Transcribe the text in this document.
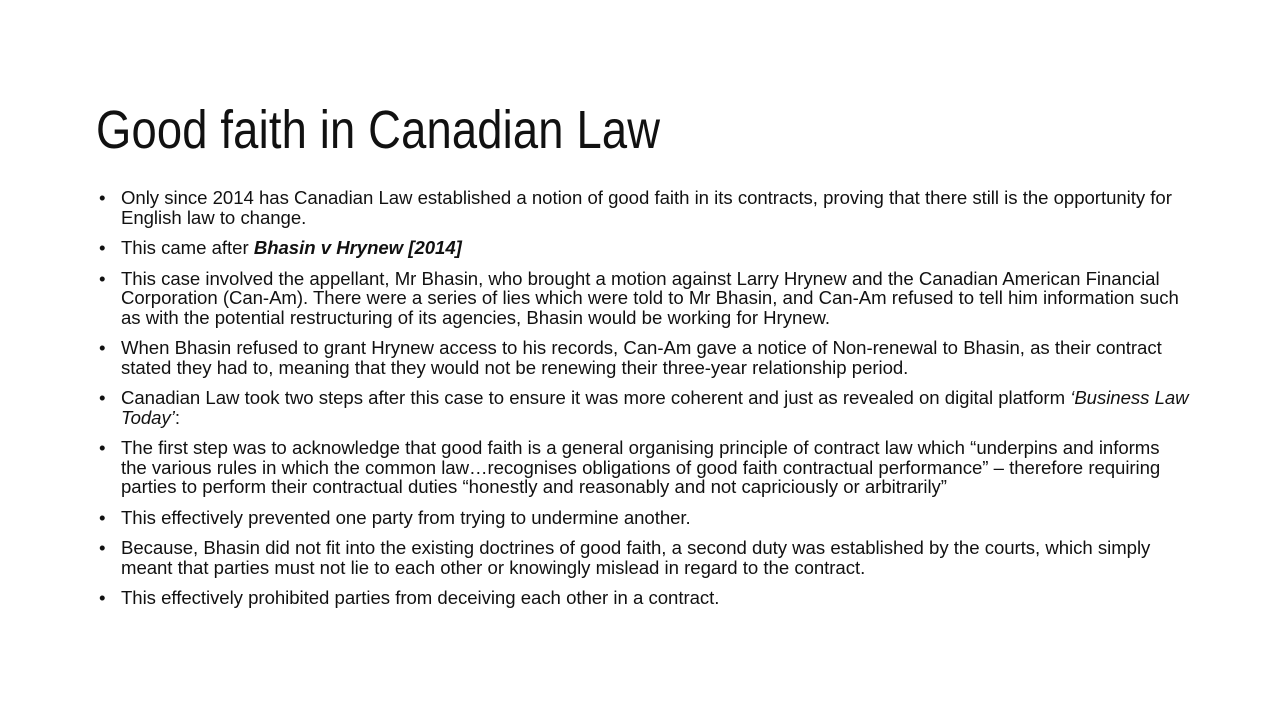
Good faith in Canadian Law
• Only since 2014 has Canadian Law established a notion of good faith in its contracts, proving that there still is the opportunity for English law to change.
• This came after Bhasin v Hrynew [2014]
• This case involved the appellant, Mr Bhasin, who brought a motion against Larry Hrynew and the Canadian American Financial Corporation (Can-Am). There were a series of lies which were told to Mr Bhasin, and Can-Am refused to tell him information such as with the potential restructuring of its agencies, Bhasin would be working for Hrynew.
• When Bhasin refused to grant Hrynew access to his records, Can-Am gave a notice of Non-renewal to Bhasin, as their contract stated they had to, meaning that they would not be renewing their three-year relationship period.
• Canadian Law took two steps after this case to ensure it was more coherent and just as revealed on digital platform ‘Business Law Today’:
• The first step was to acknowledge that good faith is a general organising principle of contract law which “underpins and informs the various rules in which the common law…recognises obligations of good faith contractual performance” – therefore requiring parties to perform their contractual duties “honestly and reasonably and not capriciously or arbitrarily”
• This effectively prevented one party from trying to undermine another.
• Because, Bhasin did not fit into the existing doctrines of good faith, a second duty was established by the courts, which simply meant that parties must not lie to each other or knowingly mislead in regard to the contract.
• This effectively prohibited parties from deceiving each other in a contract.
